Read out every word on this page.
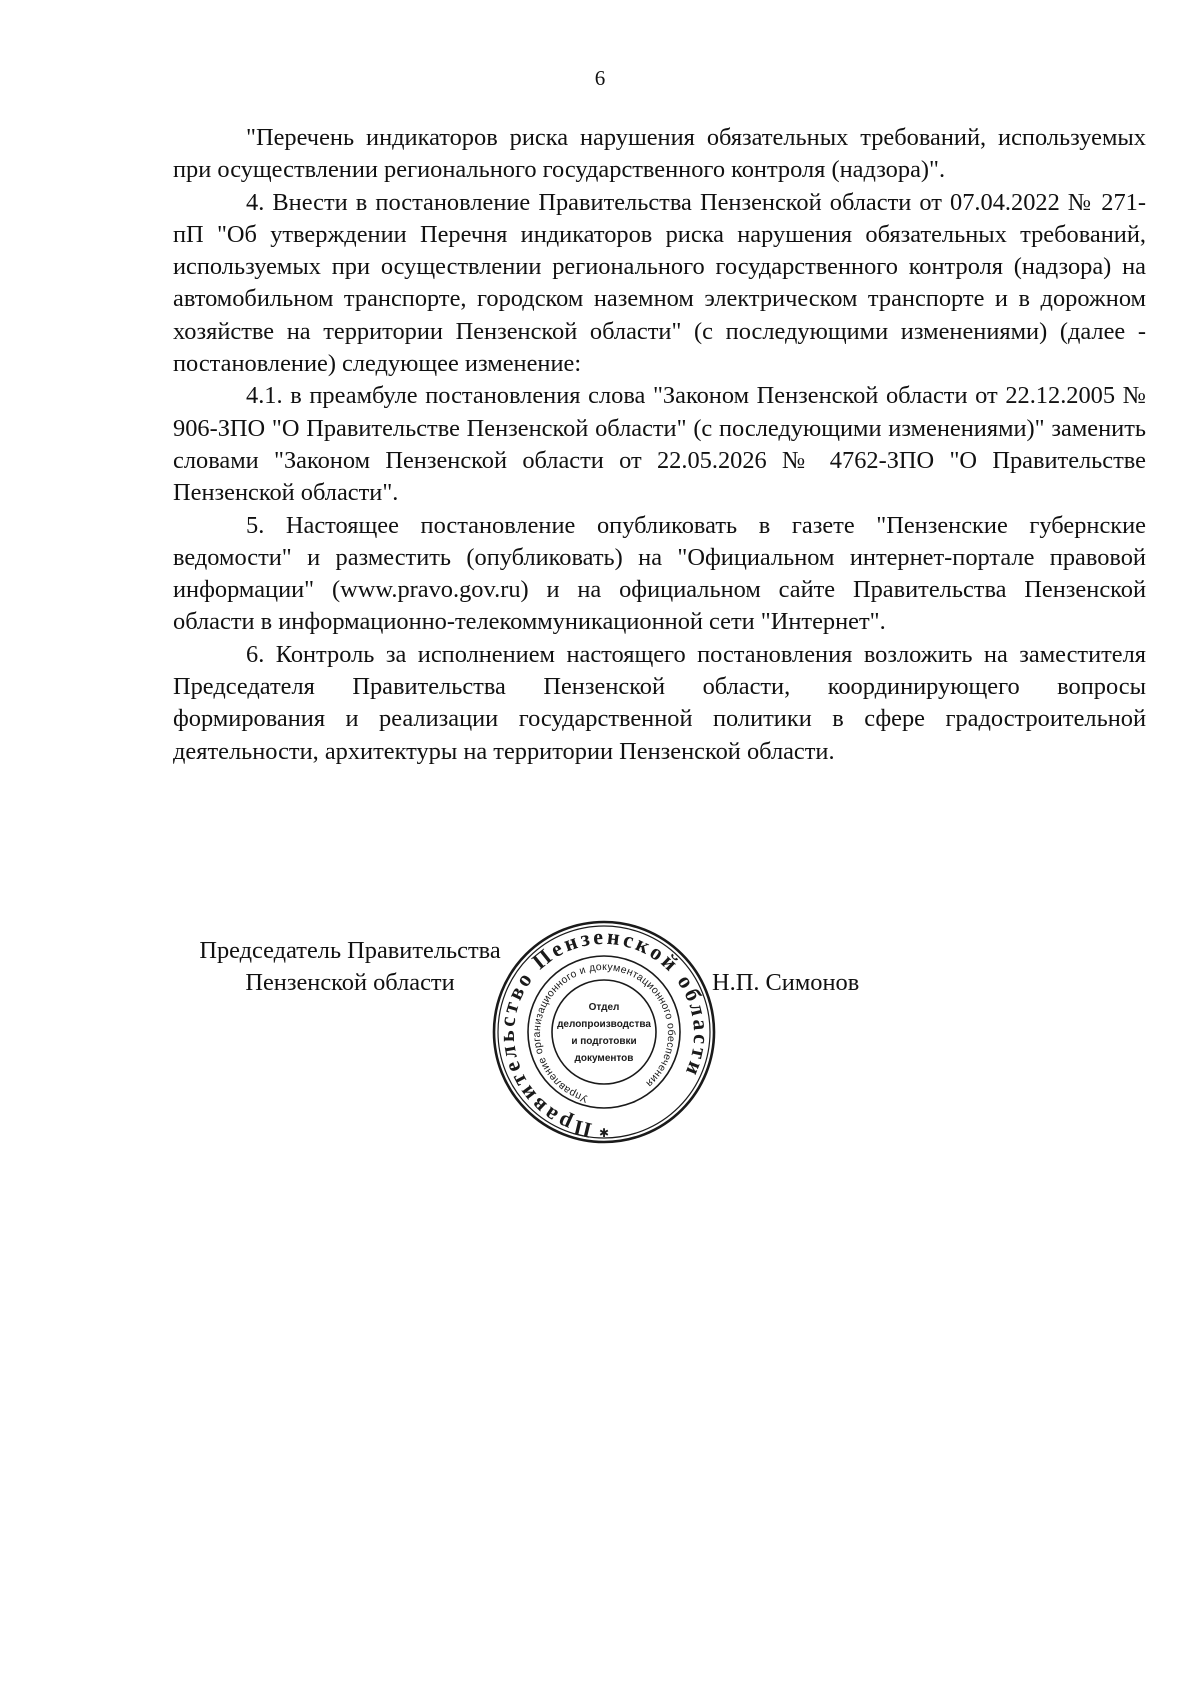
6

"Перечень индикаторов риска нарушения обязательных требований, используемых при осуществлении регионального государственного контроля (надзора)".

4. Внести в постановление Правительства Пензенской области от 07.04.2022 № 271-пП "Об утверждении Перечня индикаторов риска нарушения обязательных требований, используемых при осуществлении регионального государственного контроля (надзора) на автомобильном транспорте, городском наземном электрическом транспорте и в дорожном хозяйстве на территории Пензенской области" (с последующими изменениями) (далее - постановление) следующее изменение:

4.1. в преамбуле постановления слова "Законом Пензенской области от 22.12.2005 № 906-ЗПО "О Правительстве Пензенской области" (с последующими изменениями)" заменить словами "Законом Пензенской области от 22.05.2026 № 4762-ЗПО "О Правительстве Пензенской области".

5. Настоящее постановление опубликовать в газете "Пензенские губернские ведомости" и разместить (опубликовать) на "Официальном интернет-портале правовой информации" (www.pravo.gov.ru) и на официальном сайте Правительства Пензенской области в информационно-телекоммуникационной сети "Интернет".

6. Контроль за исполнением настоящего постановления возложить на заместителя Председателя Правительства Пензенской области, координирующего вопросы формирования и реализации государственной политики в сфере градостроительной деятельности, архитектуры на территории Пензенской области.

Председатель Правительства
Пензенской области	Н.П. Симонов
Правительство Пензенской области
Управление организационного и документационного обеспечения
Отдел
делопроизводства
и подготовки
документов
✱
